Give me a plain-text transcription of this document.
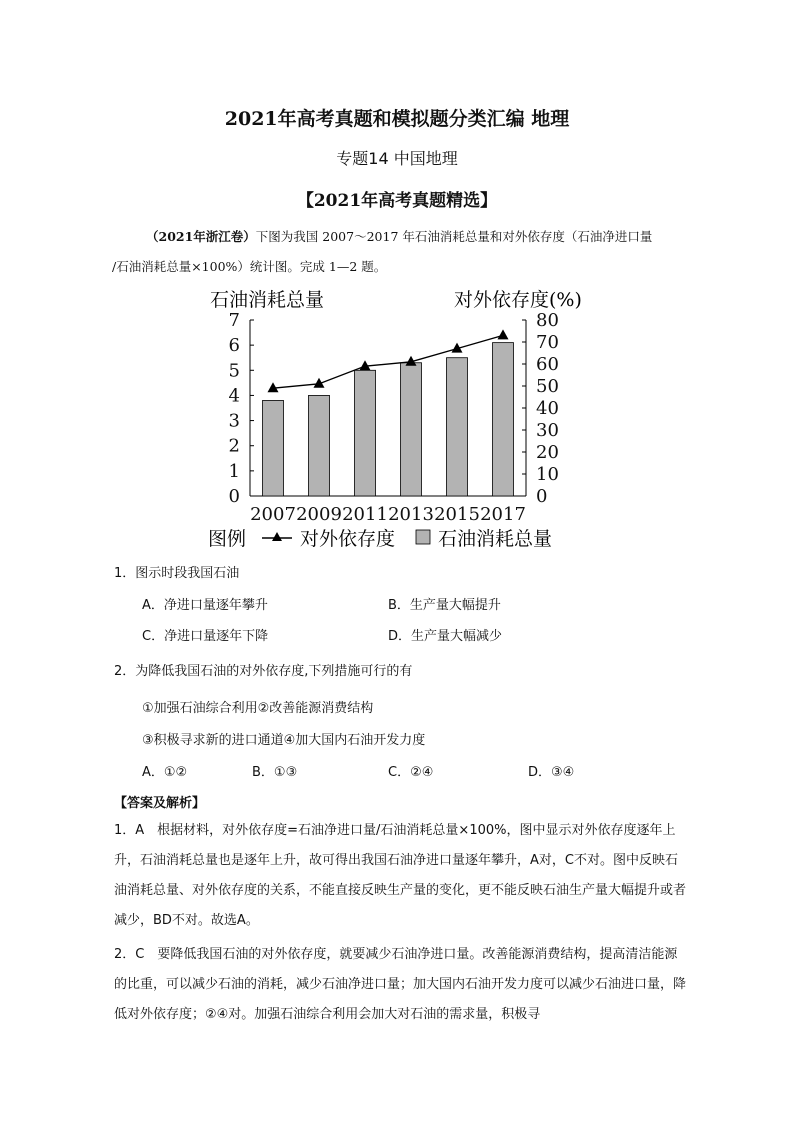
2021年高考真题和模拟题分类汇编 地理
专题14 中国地理
【2021年高考真题精选】
（2021年浙江卷）下图为我国 2007～2017 年石油消耗总量和对外依存度（石油净进口量
/石油消耗总量×100%）统计图。完成 1—2 题。
石油消耗总量	对外依存度(%)
0
1
2
3
4
5
6
7
0
10
20
30
40
50
60
70
80
2007 2009 2011 2013 2015 2017
图例	对外依存度 石油消耗总量
1．图示时段我国石油
A．净进口量逐年攀升	B．生产量大幅提升
C．净进口量逐年下降	D．生产量大幅减少
2．为降低我国石油的对外依存度,下列措施可行的有
①加强石油综合利用②改善能源消费结构
③积极寻求新的进口通道④加大国内石油开发力度
A．①②	B．①③	C．②④	D．③④
【答案及解析】
1．A　根据材料，对外依存度=石油净进口量/石油消耗总量×100%，图中显示对外依存度逐年上升，石油消耗总量也是逐年上升，故可得出我国石油净进口量逐年攀升，A对，C不对。图中反映石油消耗总量、对外依存度的关系，不能直接反映生产量的变化，更不能反映石油生产量大幅提升或者减少，BD不对。故选A。
2．C　要降低我国石油的对外依存度，就要减少石油净进口量。改善能源消费结构，提高清洁能源的比重，可以减少石油的消耗，减少石油净进口量；加大国内石油开发力度可以减少石油进口量，降低对外依存度；②④对。加强石油综合利用会加大对石油的需求量，积极寻
